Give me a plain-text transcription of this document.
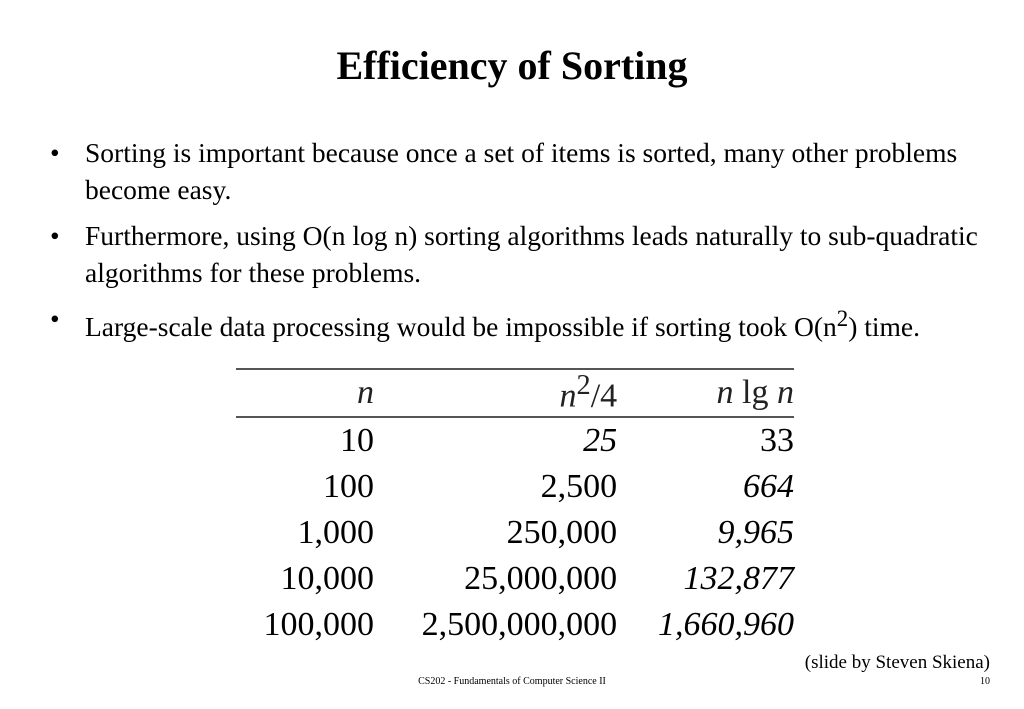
Efficiency of Sorting
• Sorting is important because once a set of items is sorted, many other problems become easy.
• Furthermore, using O(n log n) sorting algorithms leads naturally to sub-quadratic algorithms for these problems.
• Large-scale data processing would be impossible if sorting took $O(n^2)$ time.
n	$n^2/4$	n lg n
10	25	33
100	2,500	664
1,000	250,000	9,965
10,000	25,000,000	132,877
100,000	2,500,000,000	1,660,960
(slide by Steven Skiena)
CS202 - Fundamentals of Computer Science II	10
